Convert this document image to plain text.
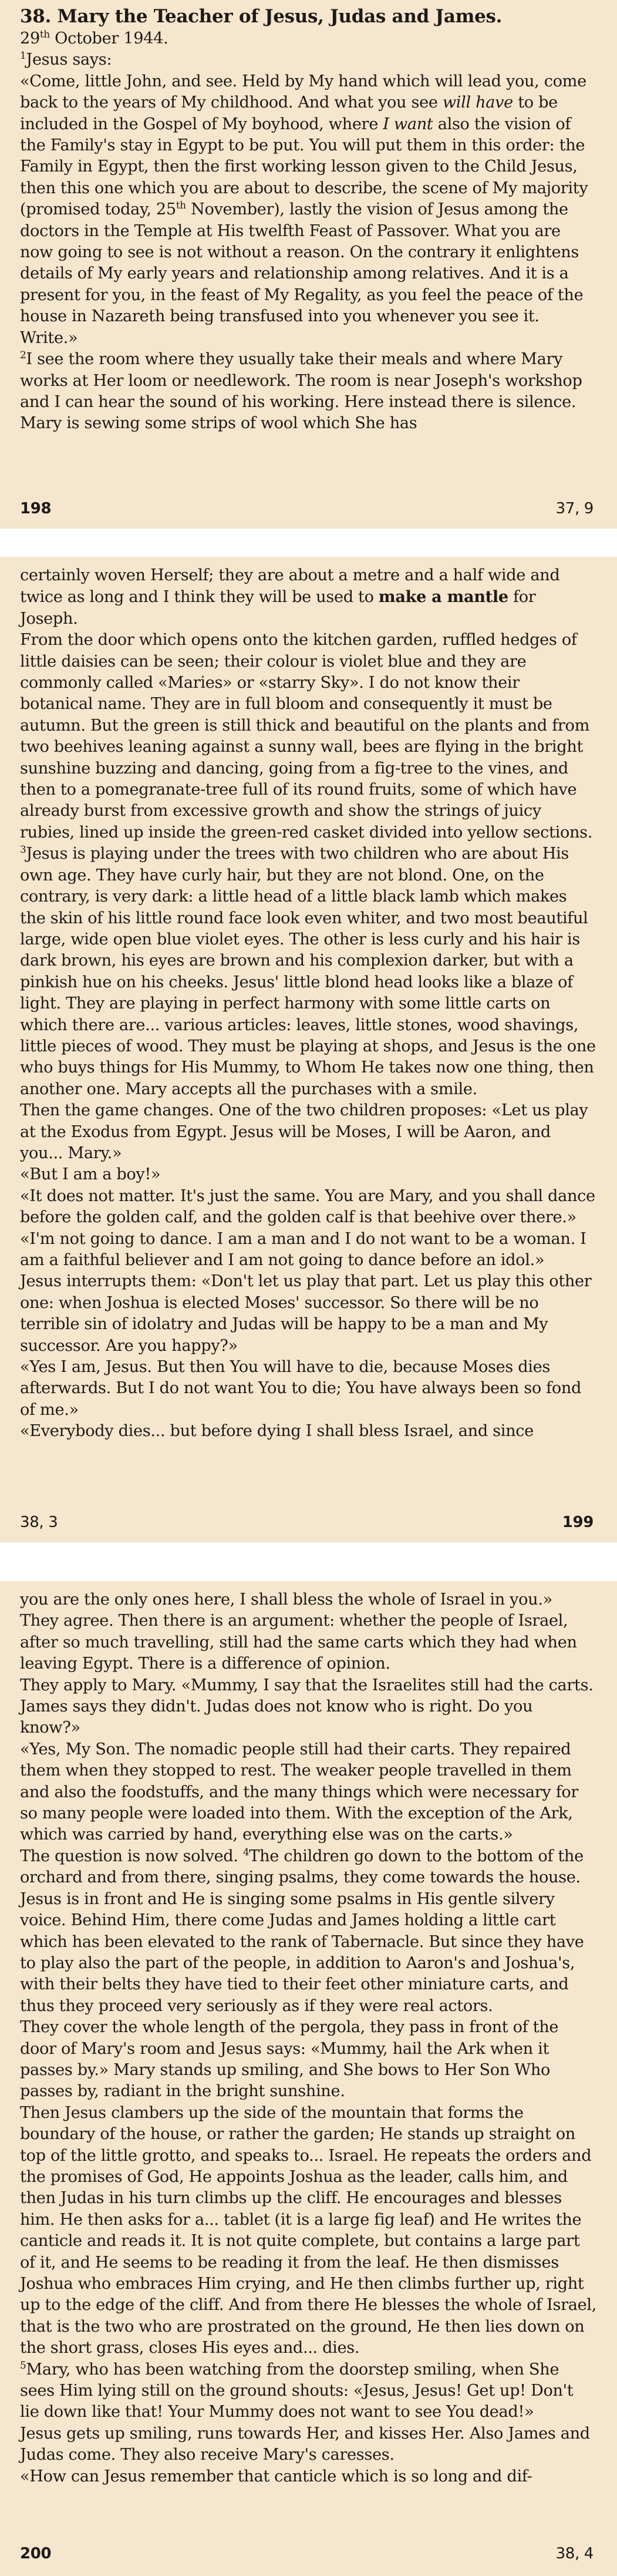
38. Mary the Teacher of Jesus, Judas and James.

29th October 1944.

$^1$Jesus says:

«Come, little John, and see. Held by My hand which will lead you, come back to the years of My childhood. And what you see will have to be included in the Gospel of My boyhood, where I want also the vision of the Family's stay in Egypt to be put. You will put them in this order: the Family in Egypt, then the first working lesson given to the Child Jesus, then this one which you are about to describe, the scene of My majority (promised today, 25th November), lastly the vision of Jesus among the doctors in the Temple at His twelfth Feast of Passover. What you are now going to see is not without a reason. On the contrary it enlightens details of My early years and relationship among relatives. And it is a present for you, in the feast of My Regality, as you feel the peace of the house in Nazareth being transfused into you whenever you see it. Write.»

$^2$I see the room where they usually take their meals and where Mary works at Her loom or needlework. The room is near Joseph's workshop and I can hear the sound of his working. Here instead there is silence. Mary is sewing some strips of wool which She has

198	37, 9

certainly woven Herself; they are about a metre and a half wide and twice as long and I think they will be used to make a mantle for Joseph.

From the door which opens onto the kitchen garden, ruffled hedges of little daisies can be seen; their colour is violet blue and they are commonly called «Maries» or «starry Sky». I do not know their botanical name. They are in full bloom and consequently it must be autumn. But the green is still thick and beautiful on the plants and from two beehives leaning against a sunny wall, bees are flying in the bright sunshine buzzing and dancing, going from a fig-tree to the vines, and then to a pomegranate-tree full of its round fruits, some of which have already burst from excessive growth and show the strings of juicy rubies, lined up inside the green-red casket divided into yellow sections.

$^3$Jesus is playing under the trees with two children who are about His own age. They have curly hair, but they are not blond. One, on the contrary, is very dark: a little head of a little black lamb which makes the skin of his little round face look even whiter, and two most beautiful large, wide open blue violet eyes. The other is less curly and his hair is dark brown, his eyes are brown and his complexion darker, but with a pinkish hue on his cheeks. Jesus' little blond head looks like a blaze of light. They are playing in perfect harmony with some little carts on which there are... various articles: leaves, little stones, wood shavings, little pieces of wood. They must be playing at shops, and Jesus is the one who buys things for His Mummy, to Whom He takes now one thing, then another one. Mary accepts all the purchases with a smile.

Then the game changes. One of the two children proposes: «Let us play at the Exodus from Egypt. Jesus will be Moses, I will be Aaron, and you... Mary.»

«But I am a boy!»

«It does not matter. It's just the same. You are Mary, and you shall dance before the golden calf, and the golden calf is that beehive over there.»

«I'm not going to dance. I am a man and I do not want to be a woman. I am a faithful believer and I am not going to dance before an idol.»

Jesus interrupts them: «Don't let us play that part. Let us play this other one: when Joshua is elected Moses' successor. So there will be no terrible sin of idolatry and Judas will be happy to be a man and My successor. Are you happy?»

«Yes I am, Jesus. But then You will have to die, because Moses dies afterwards. But I do not want You to die; You have always been so fond of me.»

«Everybody dies... but before dying I shall bless Israel, and since

38, 3	199

you are the only ones here, I shall bless the whole of Israel in you.»

They agree. Then there is an argument: whether the people of Israel, after so much travelling, still had the same carts which they had when leaving Egypt. There is a difference of opinion.

They apply to Mary. «Mummy, I say that the Israelites still had the carts. James says they didn't. Judas does not know who is right. Do you know?»

«Yes, My Son. The nomadic people still had their carts. They repaired them when they stopped to rest. The weaker people travelled in them and also the foodstuffs, and the many things which were necessary for so many people were loaded into them. With the exception of the Ark, which was carried by hand, everything else was on the carts.»

The question is now solved. $^4$The children go down to the bottom of the orchard and from there, singing psalms, they come towards the house. Jesus is in front and He is singing some psalms in His gentle silvery voice. Behind Him, there come Judas and James holding a little cart which has been elevated to the rank of Tabernacle. But since they have to play also the part of the people, in addition to Aaron's and Joshua's, with their belts they have tied to their feet other miniature carts, and thus they proceed very seriously as if they were real actors.

They cover the whole length of the pergola, they pass in front of the door of Mary's room and Jesus says: «Mummy, hail the Ark when it passes by.» Mary stands up smiling, and She bows to Her Son Who passes by, radiant in the bright sunshine.

Then Jesus clambers up the side of the mountain that forms the boundary of the house, or rather the garden; He stands up straight on top of the little grotto, and speaks to... Israel. He repeats the orders and the promises of God, He appoints Joshua as the leader, calls him, and then Judas in his turn climbs up the cliff. He encourages and blesses him. He then asks for a... tablet (it is a large fig leaf) and He writes the canticle and reads it. It is not quite complete, but contains a large part of it, and He seems to be reading it from the leaf. He then dismisses Joshua who embraces Him crying, and He then climbs further up, right up to the edge of the cliff. And from there He blesses the whole of Israel, that is the two who are prostrated on the ground, He then lies down on the short grass, closes His eyes and... dies.

$^5$Mary, who has been watching from the doorstep smiling, when She sees Him lying still on the ground shouts: «Jesus, Jesus! Get up! Don't lie down like that! Your Mummy does not want to see You dead!»

Jesus gets up smiling, runs towards Her, and kisses Her. Also James and Judas come. They also receive Mary's caresses.

«How can Jesus remember that canticle which is so long and dif-

200	38, 4
